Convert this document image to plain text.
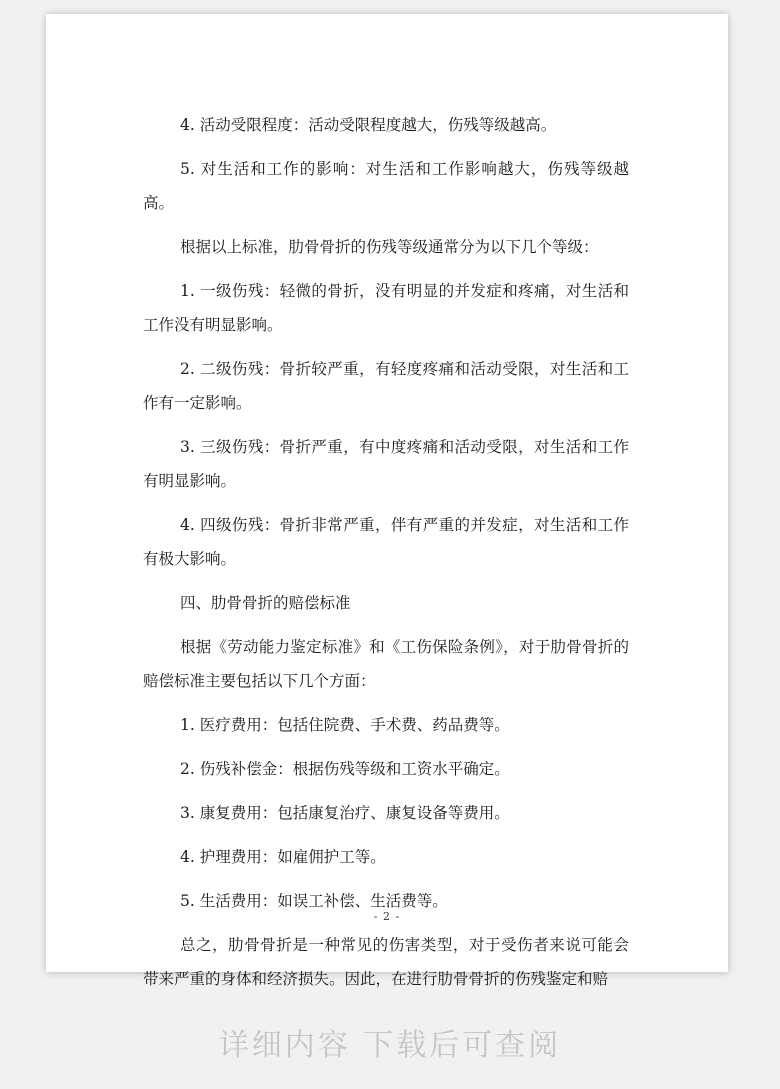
4. 活动受限程度：活动受限程度越大，伤残等级越高。

5. 对生活和工作的影响：对生活和工作影响越大，伤残等级越高。

根据以上标准，肋骨骨折的伤残等级通常分为以下几个等级：

1. 一级伤残：轻微的骨折，没有明显的并发症和疼痛，对生活和工作没有明显影响。

2. 二级伤残：骨折较严重，有轻度疼痛和活动受限，对生活和工作有一定影响。

3. 三级伤残：骨折严重，有中度疼痛和活动受限，对生活和工作有明显影响。

4. 四级伤残：骨折非常严重，伴有严重的并发症，对生活和工作有极大影响。

四、肋骨骨折的赔偿标准

根据《劳动能力鉴定标准》和《工伤保险条例》，对于肋骨骨折的赔偿标准主要包括以下几个方面：

1. 医疗费用：包括住院费、手术费、药品费等。

2. 伤残补偿金：根据伤残等级和工资水平确定。

3. 康复费用：包括康复治疗、康复设备等费用。

4. 护理费用：如雇佣护工等。

5. 生活费用：如误工补偿、生活费等。

总之，肋骨骨折是一种常见的伤害类型，对于受伤者来说可能会带来严重的身体和经济损失。因此，在进行肋骨骨折的伤残鉴定和赔

- 2 -
详细内容 下载后可查阅
